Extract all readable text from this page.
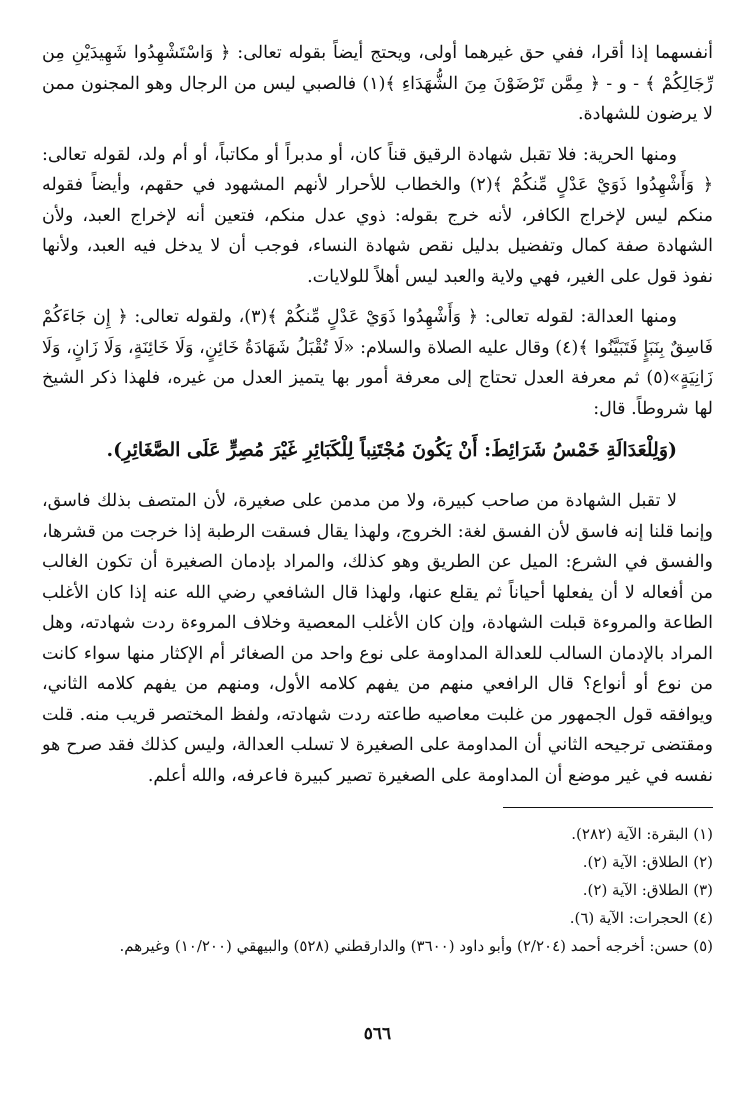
أنفسهما إذا أقرا، ففي حق غيرهما أولى، ويحتج أيضاً بقوله تعالى: ﴿ وَاسْتَشْهِدُوا شَهِيدَيْنِ مِن رِّجَالِكُمْ ﴾ - و - ﴿ مِمَّن تَرْضَوْنَ مِنَ الشُّهَدَاءِ ﴾(١) فالصبي ليس من الرجال وهو المجنون ممن لا يرضون للشهادة.

ومنها الحرية: فلا تقبل شهادة الرقيق قناً كان، أو مدبراً أو مكاتباً، أو أم ولد، لقوله تعالى: ﴿ وَأَشْهِدُوا ذَوَيْ عَدْلٍ مِّنكُمْ ﴾(٢) والخطاب للأحرار لأنهم المشهود في حقهم، وأيضاً فقوله منكم ليس لإخراج الكافر، لأنه خرج بقوله: ذوي عدل منكم، فتعين أنه لإخراج العبد، ولأن الشهادة صفة كمال وتفضيل بدليل نقص شهادة النساء، فوجب أن لا يدخل فيه العبد، ولأنها نفوذ قول على الغير، فهي ولاية والعبد ليس أهلاً للولايات.

ومنها العدالة: لقوله تعالى: ﴿ وَأَشْهِدُوا ذَوَيْ عَدْلٍ مِّنكُمْ ﴾(٣)، ولقوله تعالى: ﴿ إِن جَاءَكُمْ فَاسِقٌ بِنَبَإٍ فَتَبَيَّنُوا ﴾(٤) وقال عليه الصلاة والسلام: «لَا تُقْبَلُ شَهَادَةُ خَائِنٍ، وَلَا خَائِنَةٍ، وَلَا زَانٍ، وَلَا زَانِيَةٍ»(٥) ثم معرفة العدل تحتاج إلى معرفة أمور بها يتميز العدل من غيره، فلهذا ذكر الشيخ لها شروطاً. قال:

(وَلِلْعَدَالَةِ خَمْسُ شَرَائِطَ: أَنْ يَكُونَ مُجْتَنِباً لِلْكَبَائِرِ غَيْرَ مُصِرٍّ عَلَى الصَّغَائِرِ).

لا تقبل الشهادة من صاحب كبيرة، ولا من مدمن على صغيرة، لأن المتصف بذلك فاسق، وإنما قلنا إنه فاسق لأن الفسق لغة: الخروج، ولهذا يقال فسقت الرطبة إذا خرجت من قشرها، والفسق في الشرع: الميل عن الطريق وهو كذلك، والمراد بإدمان الصغيرة أن تكون الغالب من أفعاله لا أن يفعلها أحياناً ثم يقلع عنها، ولهذا قال الشافعي رضي الله عنه إذا كان الأغلب الطاعة والمروءة قبلت الشهادة، وإن كان الأغلب المعصية وخلاف المروءة ردت شهادته، وهل المراد بالإدمان السالب للعدالة المداومة على نوع واحد من الصغائر أم الإكثار منها سواء كانت من نوع أو أنواع؟ قال الرافعي منهم من يفهم كلامه الأول، ومنهم من يفهم كلامه الثاني، ويوافقه قول الجمهور من غلبت معاصيه طاعته ردت شهادته، ولفظ المختصر قريب منه. قلت ومقتضى ترجيحه الثاني أن المداومة على الصغيرة لا تسلب العدالة، وليس كذلك فقد صرح هو نفسه في غير موضع أن المداومة على الصغيرة تصير كبيرة فاعرفه، والله أعلم.

(١) البقرة: الآية (٢٨٢).

(٢) الطلاق: الآية (٢).

(٣) الطلاق: الآية (٢).

(٤) الحجرات: الآية (٦).

(٥) حسن: أخرجه أحمد (٢/٢٠٤) وأبو داود (٣٦٠٠) والدارقطني (٥٢٨) والبيهقي (١٠/٢٠٠) وغيرهم.

٥٦٦
